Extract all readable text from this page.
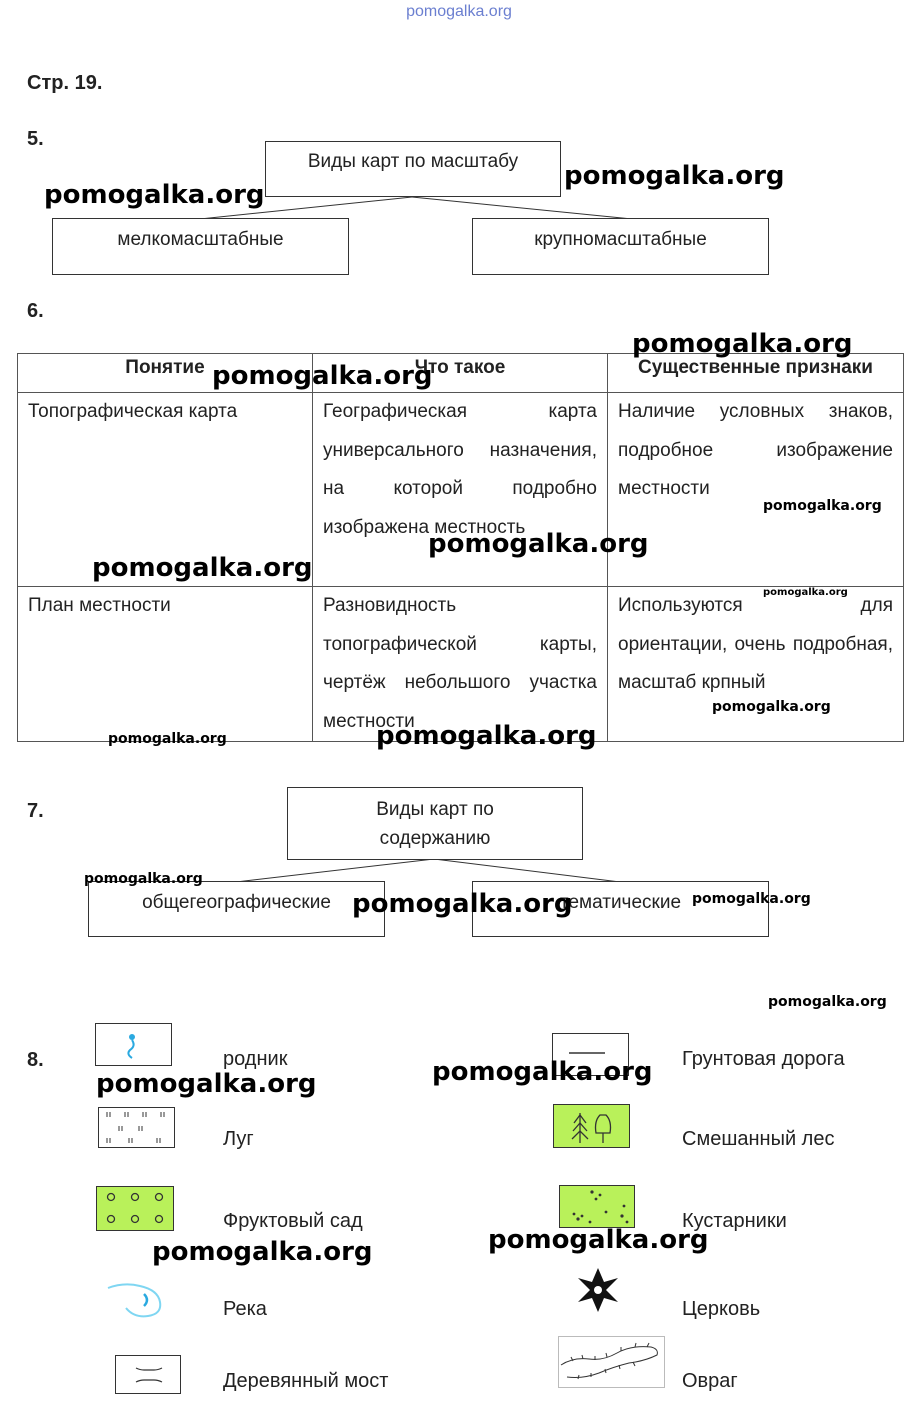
pomogalka.org
Стр. 19.
5.
Виды карт по масштабу
мелкомасштабные	крупномасштабные
6.
Понятие	Что такое	Существенные признаки
Топографическая карта	Географическая карта универсального назначения, на которой подробно изображена местность	Наличие условных знаков, подробное изображение местности
План местности	Разновидность топографической карты, чертёж небольшого участка местности	Используются для ориентации, очень подробная, масштаб крпный
7.	Виды карт по содержанию
общегеографические	тематические
8.	родник	Грунтовая дорога
Луг	Смешанный лес
Фруктовый сад	Кустарники
Река	Церковь
Деревянный мост	Овраг
pomogalka.org
pomogalka.org
pomogalka.org
pomogalka.org
pomogalka.org
pomogalka.org
pomogalka.org
pomogalka.org
pomogalka.org
pomogalka.org	pomogalka.org
pomogalka.org
pomogalka.org	pomogalka.org
pomogalka.org
pomogalka.org	pomogalka.org
pomogalka.org	pomogalka.org
